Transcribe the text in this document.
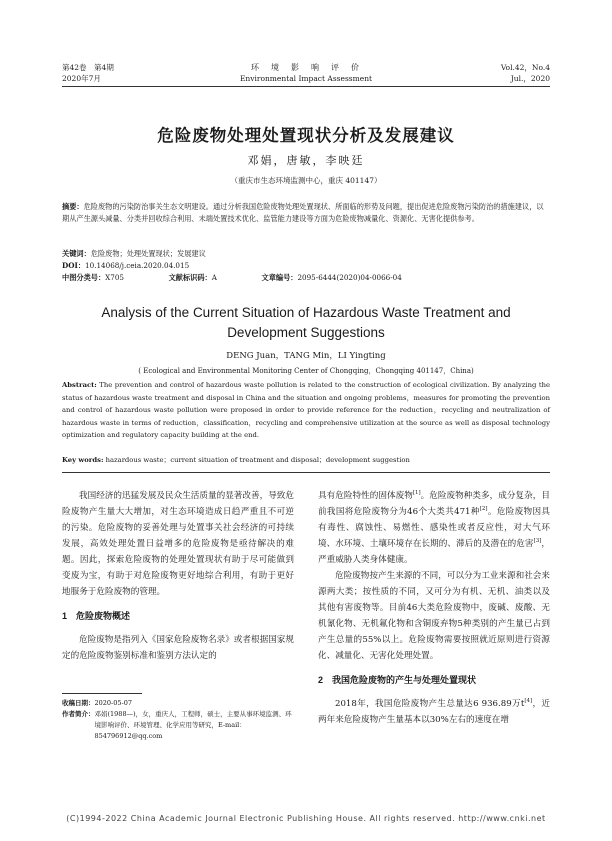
第42卷　第4期
2020年7月
环　境　影　响　评　价
Environmental Impact Assessment
Vol.42，No.4
Jul.，2020
危险废物处理处置现状分析及发展建议
邓娟，唐敏，李映廷
（重庆市生态环境监测中心，重庆 401147）
摘要：危险废物的污染防治事关生态文明建设。通过分析我国危险废物处理处置现状、所面临的形势及问题，提出促进危险废物污染防治的措施建议，以期从产生源头减量、分类并回收综合利用、末端处置技术优化、监管能力建设等方面为危险废物减量化、资源化、无害化提供参考。
关键词：危险废物；处理处置现状；发展建议
DOI：10.14068/j.ceia.2020.04.015
中图分类号：X705	文献标识码：A	文章编号：2095-6444(2020)04-0066-04
Analysis of the Current Situation of Hazardous Waste Treatment and Development Suggestions
DENG Juan，TANG Min，LI Yingting
( Ecological and Environmental Monitoring Center of Chongqing，Chongqing 401147，China)
Abstract: The prevention and control of hazardous waste pollution is related to the construction of ecological civilization. By analyzing the status of hazardous waste treatment and disposal in China and the situation and ongoing problems，measures for promoting the prevention and control of hazardous waste pollution were proposed in order to provide reference for the reduction，recycling and neutralization of hazardous waste in terms of reduction，classification，recycling and comprehensive utilization at the source as well as disposal technology optimization and regulatory capacity building at the end.
Key words: hazardous waste；current situation of treatment and disposal；development suggestion

我国经济的迅猛发展及民众生活质量的显著改善，导致危险废物产生量大大增加，对生态环境造成日趋严重且不可逆的污染。危险废物的妥善处理与处置事关社会经济的可持续发展，高效处理处置日益增多的危险废物是亟待解决的难题。因此，探索危险废物的处理处置现状有助于尽可能做到变废为宝，有助于对危险废物更好地综合利用，有助于更好地服务于危险废物的管理。

1　危险废物概述

危险废物是指列入《国家危险废物名录》或者根据国家规定的危险废物鉴别标准和鉴别方法认定的

收稿日期：2020-05-07
作者简介： 邓娟(1988—)，女，重庆人，工程师，硕士，主要从事环境监测、环境影响评价、环境管理、化学应用等研究，E-mail：854796912@qq.com

具有危险特性的固体废物[1]。危险废物种类多，成分复杂，目前我国将危险废物分为46个大类共471种[2]。危险废物因具有毒性、腐蚀性、易燃性、感染性或者反应性，对大气环境、水环境、土壤环境存在长期的、滞后的及潜在的危害[3]，严重威胁人类身体健康。

危险废物按产生来源的不同，可以分为工业来源和社会来源两大类；按性质的不同，又可分为有机、无机、油类以及其他有害废物等。目前46大类危险废物中，废碱、废酸、无机氰化物、无机氟化物和含铜废弃物5种类别的产生量已占到产生总量的55%以上。危险废物需要按照就近原则进行资源化、减量化、无害化处理处置。

2　我国危险废物的产生与处理处置现状

2018年，我国危险废物产生总量达6 936.89万t[4]，近两年来危险废物产生量基本以30%左右的速度在增

(C)1994-2022 China Academic Journal Electronic Publishing House. All rights reserved. http://www.cnki.net
